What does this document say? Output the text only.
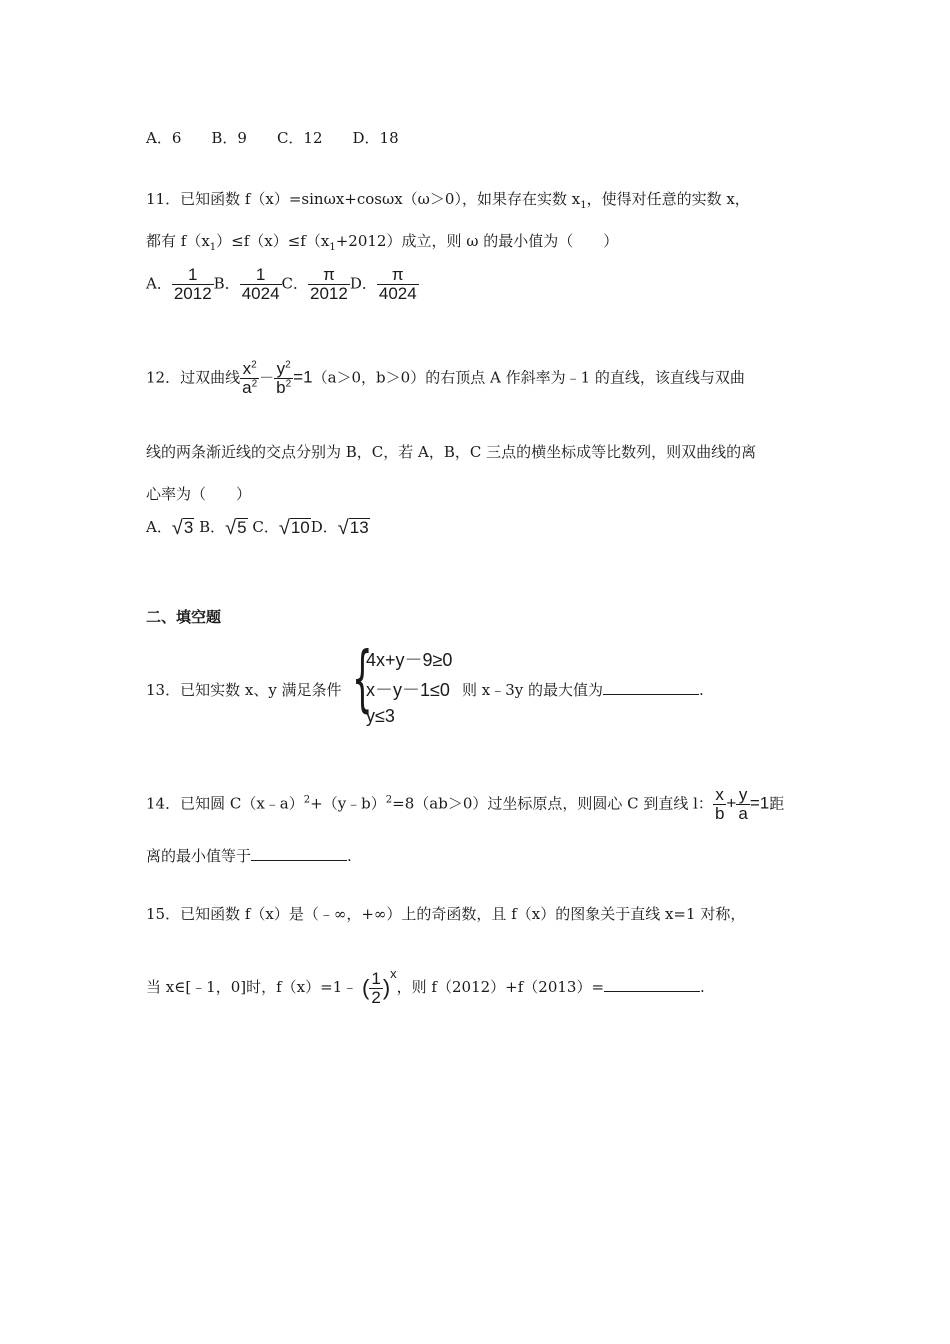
A．6　　B．9　　C．12　　D．18
11．已知函数 f（x）=sinωx+cosωx（ω＞0），如果存在实数 $x_1$，使得对任意的实数 x，
都有 $f(x_1)\le f(x)\le f(x_1+2012)$成立，则 ω 的最小值为（　　）
A． $\frac{1}{2012}$ B． $\frac{1}{4024}$ C． $\frac{\pi}{2012}$ D． $\frac{\pi}{4024}$
12．过双曲线 $\frac{x^2}{a^2} - \frac{y^2}{b^2} =1(a>0$，b＞0）的右顶点 A 作斜率为﹣1 的直线，该直线与双曲
线的两条渐近线的交点分别为 B，C，若 A，B，C 三点的横坐标成等比数列，则双曲线的离
心率为（　　）
A． √ 3 B． √ 5 C． √ 10 D． √ 13
二、填空题
13．已知实数 x、y 满足条件 {
4x+y－9≥0
x－y－1≤0
y≤3
则 x﹣3y 的最大值为	.
14．已知圆 C（x﹣a）$^2$+（y﹣b）$^2$=8（ab＞0）过坐标原点，则圆心 C 到直线 l： $\frac{x}{b} + \frac{y}{a} =1$距
离的最小值等于	.
15．已知函数 f（x）是（﹣∞，+∞）上的奇函数，且 f（x）的图象关于直线 x=1 对称，
当 x∈[﹣1，0]时，f（x）=1﹣ ( $\frac{1}{2} )^x$，则 f（2012）+f（2013）=	.
